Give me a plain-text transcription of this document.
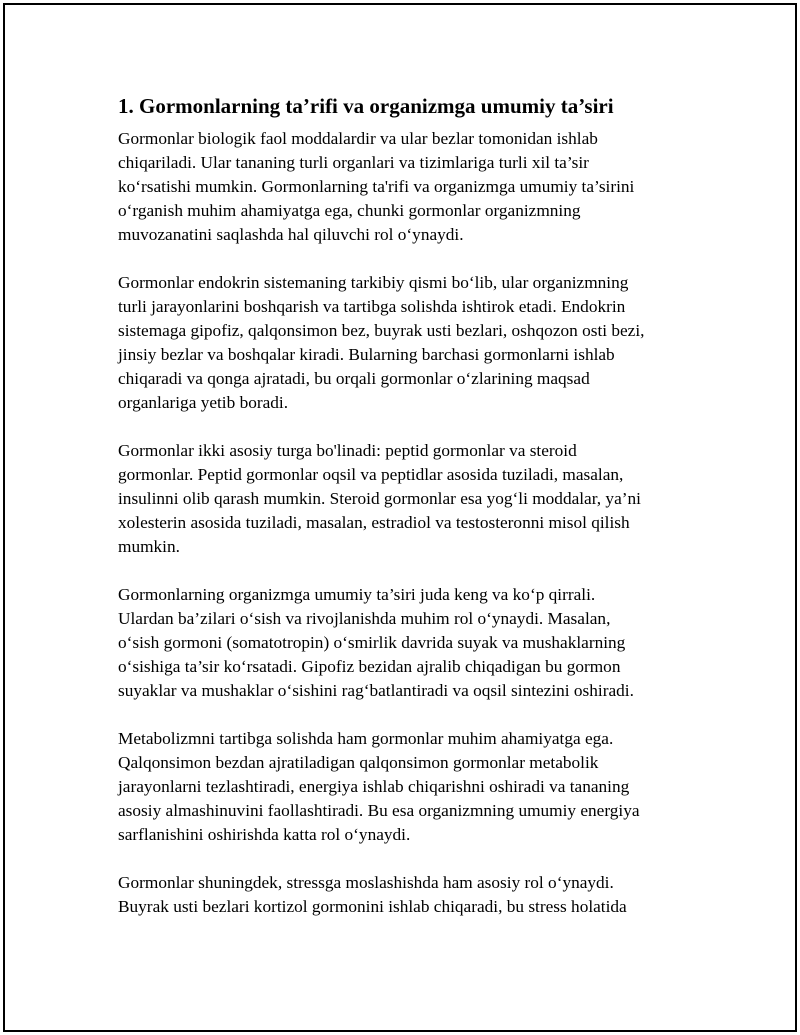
1. Gormonlarning ta’rifi va organizmga umumiy ta’siri
Gormonlar biologik faol moddalardir va ular bezlar tomonidan ishlab
chiqariladi. Ular tananing turli organlari va tizimlariga turli xil ta’sir
ko‘rsatishi mumkin. Gormonlarning ta'rifi va organizmga umumiy ta’sirini
o‘rganish muhim ahamiyatga ega, chunki gormonlar organizmning
muvozanatini saqlashda hal qiluvchi rol o‘ynaydi.
Gormonlar endokrin sistemaning tarkibiy qismi bo‘lib, ular organizmning
turli jarayonlarini boshqarish va tartibga solishda ishtirok etadi. Endokrin
sistemaga gipofiz, qalqonsimon bez, buyrak usti bezlari, oshqozon osti bezi,
jinsiy bezlar va boshqalar kiradi. Bularning barchasi gormonlarni ishlab
chiqaradi va qonga ajratadi, bu orqali gormonlar o‘zlarining maqsad
organlariga yetib boradi.
Gormonlar ikki asosiy turga bo'linadi: peptid gormonlar va steroid
gormonlar. Peptid gormonlar oqsil va peptidlar asosida tuziladi, masalan,
insulinni olib qarash mumkin. Steroid gormonlar esa yog‘li moddalar, ya’ni
xolesterin asosida tuziladi, masalan, estradiol va testosteronni misol qilish
mumkin.
Gormonlarning organizmga umumiy ta’siri juda keng va ko‘p qirrali.
Ulardan ba’zilari o‘sish va rivojlanishda muhim rol o‘ynaydi. Masalan,
o‘sish gormoni (somatotropin) o‘smirlik davrida suyak va mushaklarning
o‘sishiga ta’sir ko‘rsatadi. Gipofiz bezidan ajralib chiqadigan bu gormon
suyaklar va mushaklar o‘sishini rag‘batlantiradi va oqsil sintezini oshiradi.
Metabolizmni tartibga solishda ham gormonlar muhim ahamiyatga ega.
Qalqonsimon bezdan ajratiladigan qalqonsimon gormonlar metabolik
jarayonlarni tezlashtiradi, energiya ishlab chiqarishni oshiradi va tananing
asosiy almashinuvini faollashtiradi. Bu esa organizmning umumiy energiya
sarflanishini oshirishda katta rol o‘ynaydi.
Gormonlar shuningdek, stressga moslashishda ham asosiy rol o‘ynaydi.
Buyrak usti bezlari kortizol gormonini ishlab chiqaradi, bu stress holatida
